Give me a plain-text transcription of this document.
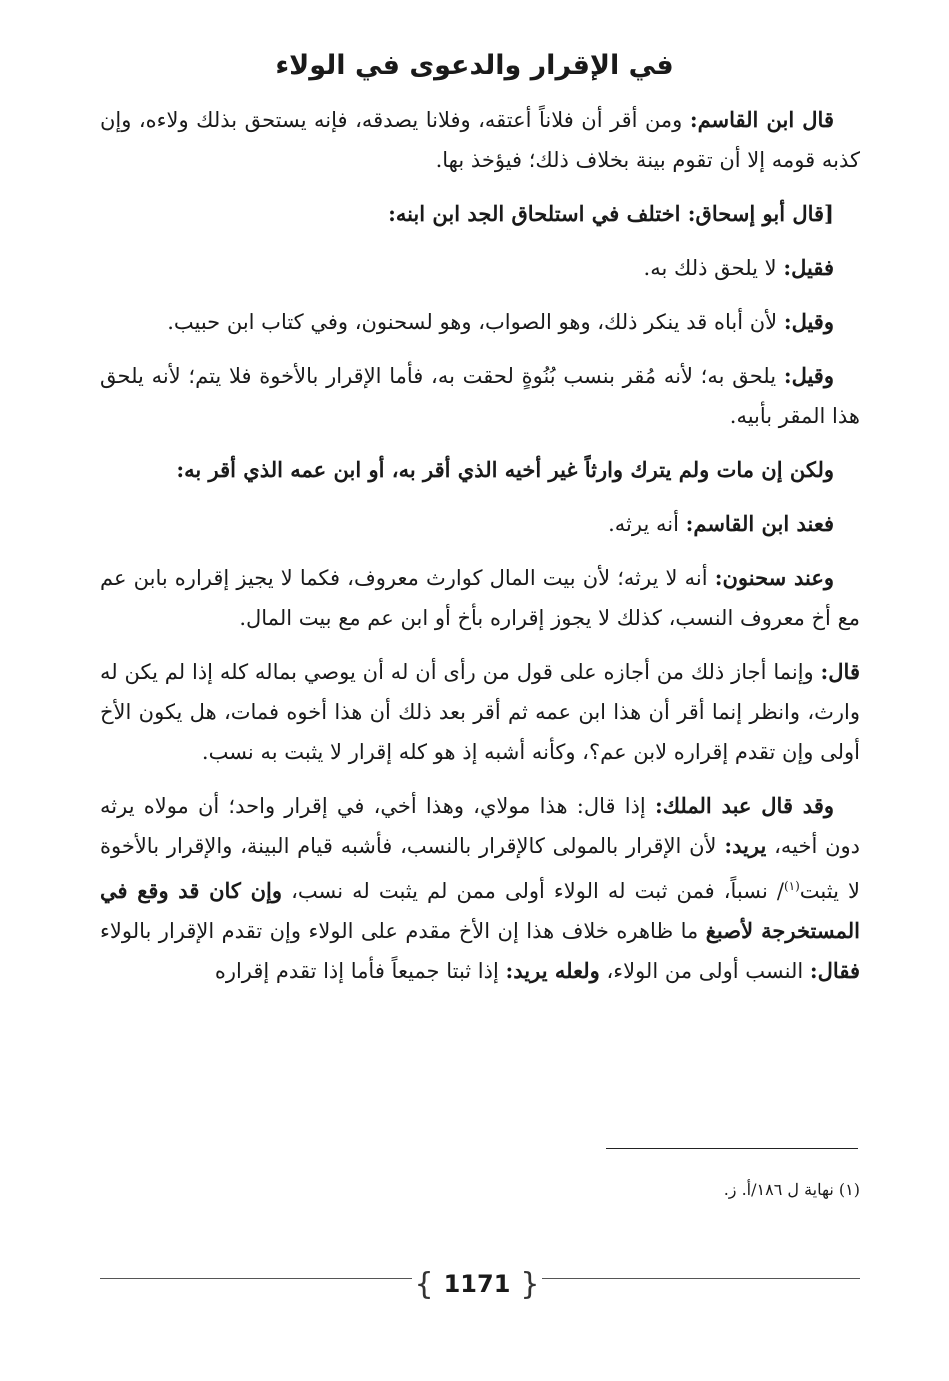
في الإقرار والدعوى في الولاء

قال ابن القاسم: ومن أقر أن فلاناً أعتقه، وفلانا يصدقه، فإنه يستحق بذلك ولاءه، وإن كذبه قومه إلا أن تقوم بينة بخلاف ذلك؛ فيؤخذ بها.

[قال أبو إسحاق: اختلف في استلحاق الجد ابن ابنه:

فقيل: لا يلحق ذلك به.

وقيل: لأن أباه قد ينكر ذلك، وهو الصواب، وهو لسحنون، وفي كتاب ابن حبيب.

وقيل: يلحق به؛ لأنه مُقر بنسب بُنُوةٍ لحقت به، فأما الإقرار بالأخوة فلا يتم؛ لأنه يلحق هذا المقر بأبيه.

ولكن إن مات ولم يترك وارثاً غير أخيه الذي أقر به، أو ابن عمه الذي أقر به:

فعند ابن القاسم: أنه يرثه.

وعند سحنون: أنه لا يرثه؛ لأن بيت المال كوارث معروف، فكما لا يجيز إقراره بابن عم مع أخ معروف النسب، كذلك لا يجوز إقراره بأخ أو ابن عم مع بيت المال.

قال: وإنما أجاز ذلك من أجازه على قول من رأى أن له أن يوصي بماله كله إذا لم يكن له وارث، وانظر إنما أقر أن هذا ابن عمه ثم أقر بعد ذلك أن هذا أخوه فمات، هل يكون الأخ أولى وإن تقدم إقراره لابن عم؟، وكأنه أشبه إذ هو كله إقرار لا يثبت به نسب.

وقد قال عبد الملك: إذا قال: هذا مولاي، وهذا أخي، في إقرار واحد؛ أن مولاه يرثه دون أخيه، يريد: لأن الإقرار بالمولى كالإقرار بالنسب، فأشبه قيام البينة، والإقرار بالأخوة لا يثبت$^{(١)}$/ نسباً، فمن ثبت له الولاء أولى ممن لم يثبت له نسب، وإن كان قد وقع في المستخرجة لأصبغ ما ظاهره خلاف هذا إن الأخ مقدم على الولاء وإن تقدم الإقرار بالولاء فقال: النسب أولى من الولاء، ولعله يريد: إذا ثبتا جميعاً فأما إذا تقدم إقراره

(١) نهاية ل ١٨٦/أ. ز.
{ 1171 }
